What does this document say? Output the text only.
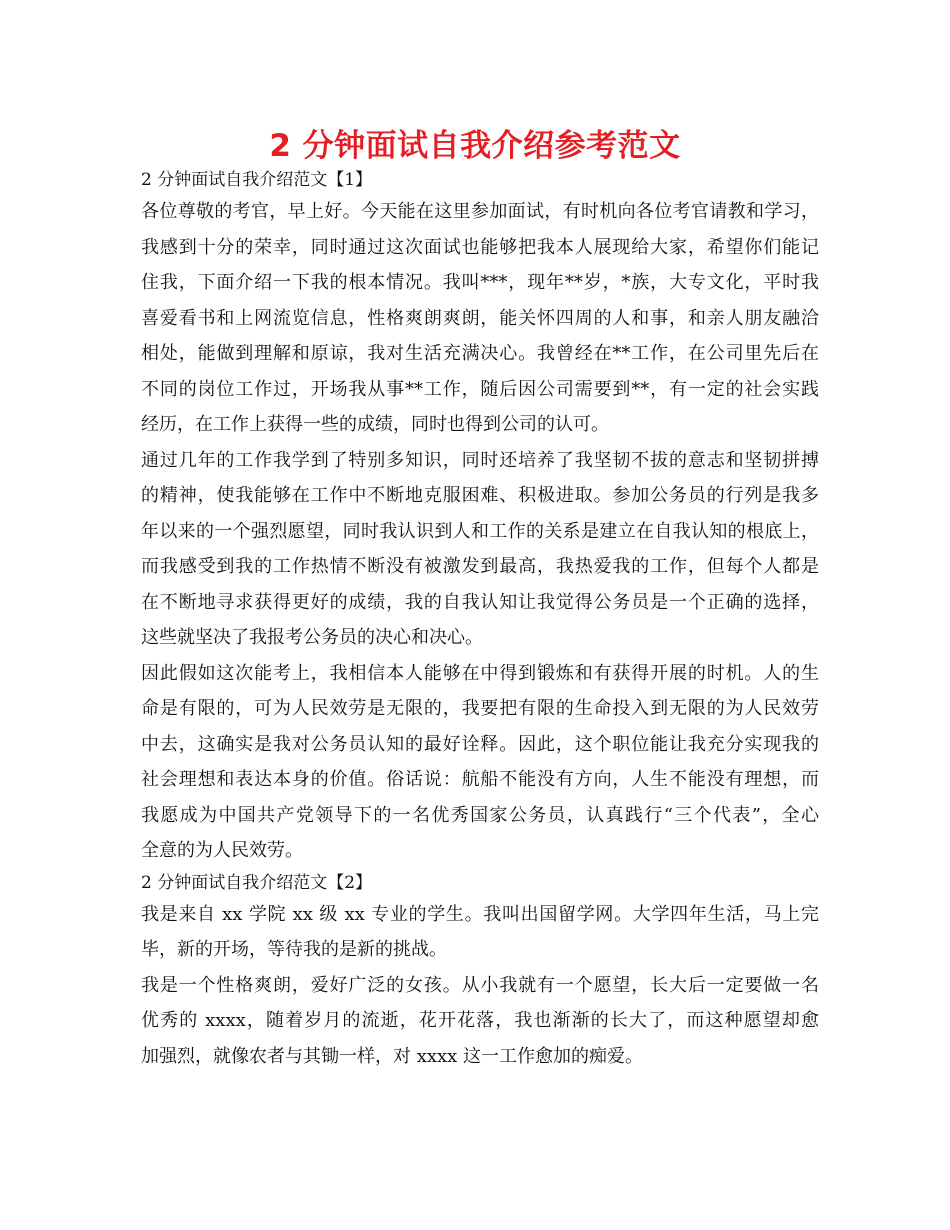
2 分钟面试自我介绍参考范文

2 分钟面试自我介绍范文【1】

各位尊敬的考官，早上好。今天能在这里参加面试，有时机向各位考官请教和学习，

我感到十分的荣幸，同时通过这次面试也能够把我本人展现给大家，希望你们能记

住我，下面介绍一下我的根本情况。我叫***，现年**岁，*族，大专文化，平时我

喜爱看书和上网流览信息，性格爽朗爽朗，能关怀四周的人和事，和亲人朋友融洽

相处，能做到理解和原谅，我对生活充满决心。我曾经在**工作，在公司里先后在

不同的岗位工作过，开场我从事**工作，随后因公司需要到**，有一定的社会实践

经历，在工作上获得一些的成绩，同时也得到公司的认可。

通过几年的工作我学到了特别多知识，同时还培养了我坚韧不拔的意志和坚韧拼搏

的精神，使我能够在工作中不断地克服困难、积极进取。参加公务员的行列是我多

年以来的一个强烈愿望，同时我认识到人和工作的关系是建立在自我认知的根底上，

而我感受到我的工作热情不断没有被激发到最高，我热爱我的工作，但每个人都是

在不断地寻求获得更好的成绩，我的自我认知让我觉得公务员是一个正确的选择，

这些就坚决了我报考公务员的决心和决心。

因此假如这次能考上，我相信本人能够在中得到锻炼和有获得开展的时机。人的生

命是有限的，可为人民效劳是无限的，我要把有限的生命投入到无限的为人民效劳

中去，这确实是我对公务员认知的最好诠释。因此，这个职位能让我充分实现我的

社会理想和表达本身的价值。俗话说：航船不能没有方向，人生不能没有理想，而

我愿成为中国共产党领导下的一名优秀国家公务员，认真践行“三个代表”，全心

全意的为人民效劳。

2 分钟面试自我介绍范文【2】

我是来自 xx 学院 xx 级 xx 专业的学生。我叫出国留学网。大学四年生活，马上完

毕，新的开场，等待我的是新的挑战。

我是一个性格爽朗，爱好广泛的女孩。从小我就有一个愿望，长大后一定要做一名

优秀的 xxxx，随着岁月的流逝，花开花落，我也渐渐的长大了，而这种愿望却愈

加强烈，就像农者与其锄一样，对 xxxx 这一工作愈加的痴爱。
